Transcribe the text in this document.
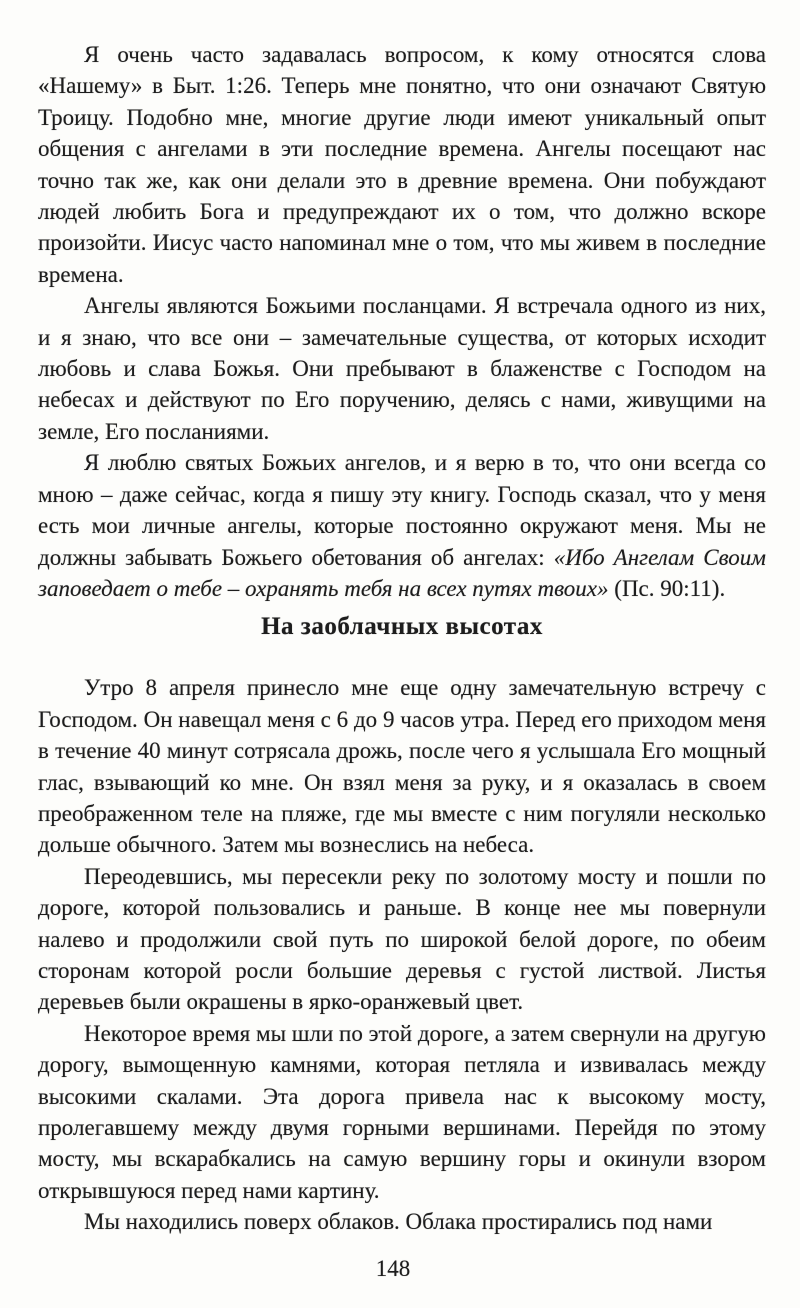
Я очень часто задавалась вопросом, к кому относятся слова «Нашему» в Быт. 1:26. Теперь мне понятно, что они означают Святую Троицу. Подобно мне, многие другие люди имеют уникальный опыт общения с ангелами в эти последние времена. Ангелы посещают нас точно так же, как они делали это в древние времена. Они побуждают людей любить Бога и предупреждают их о том, что должно вскоре произойти. Иисус часто напоминал мне о том, что мы живем в последние времена.

Ангелы являются Божьими посланцами. Я встречала одного из них, и я знаю, что все они – замечательные существа, от которых исходит любовь и слава Божья. Они пребывают в блаженстве с Господом на небесах и действуют по Его поручению, делясь с нами, живущими на земле, Его посланиями.

Я люблю святых Божьих ангелов, и я верю в то, что они всегда со мною – даже сейчас, когда я пишу эту книгу. Господь сказал, что у меня есть мои личные ангелы, которые постоянно окружают меня. Мы не должны забывать Божьего обетования об ангелах: «Ибо Ангелам Своим заповедает о тебе – охранять тебя на всех путях твоих» (Пс. 90:11).

На заоблачных высотах

Утро 8 апреля принесло мне еще одну замечательную встречу с Господом. Он навещал меня с 6 до 9 часов утра. Перед его приходом меня в течение 40 минут сотрясала дрожь, после чего я услышала Его мощный глас, взывающий ко мне. Он взял меня за руку, и я оказалась в своем преображенном теле на пляже, где мы вместе с ним погуляли несколько дольше обычного. Затем мы вознеслись на небеса.

Переодевшись, мы пересекли реку по золотому мосту и пошли по дороге, которой пользовались и раньше. В конце нее мы повернули налево и продолжили свой путь по широкой белой дороге, по обеим сторонам которой росли большие деревья с густой листвой. Листья деревьев были окрашены в ярко-оранжевый цвет.

Некоторое время мы шли по этой дороге, а затем свернули на другую дорогу, вымощенную камнями, которая петляла и извивалась между высокими скалами. Эта дорога привела нас к высокому мосту, пролегавшему между двумя горными вершинами. Перейдя по этому мосту, мы вскарабкались на самую вершину горы и окинули взором открывшуюся перед нами картину.

Мы находились поверх облаков. Облака простирались под нами

148
